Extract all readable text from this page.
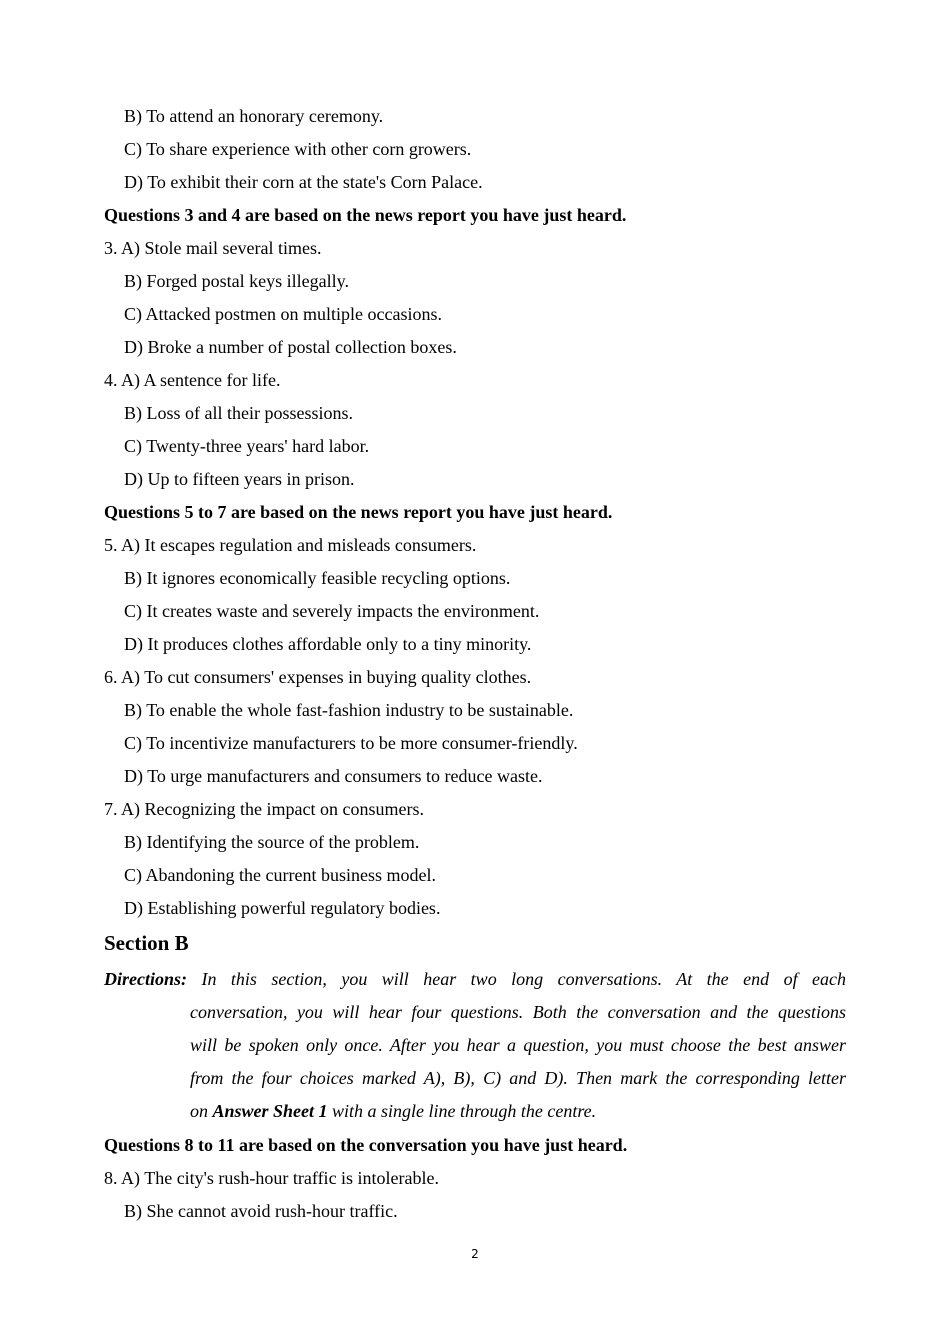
B) To attend an honorary ceremony.
C) To share experience with other corn growers.
D) To exhibit their corn at the state's Corn Palace.
Questions 3 and 4 are based on the news report you have just heard.
3. A) Stole mail several times.
B) Forged postal keys illegally.
C) Attacked postmen on multiple occasions.
D) Broke a number of postal collection boxes.
4. A) A sentence for life.
B) Loss of all their possessions.
C) Twenty-three years' hard labor.
D) Up to fifteen years in prison.
Questions 5 to 7 are based on the news report you have just heard.
5. A) It escapes regulation and misleads consumers.
B) It ignores economically feasible recycling options.
C) It creates waste and severely impacts the environment.
D) It produces clothes affordable only to a tiny minority.
6. A) To cut consumers' expenses in buying quality clothes.
B) To enable the whole fast-fashion industry to be sustainable.
C) To incentivize manufacturers to be more consumer-friendly.
D) To urge manufacturers and consumers to reduce waste.
7. A) Recognizing the impact on consumers.
B) Identifying the source of the problem.
C) Abandoning the current business model.
D) Establishing powerful regulatory bodies.
Section B
Directions: In this section, you will hear two long conversations. At the end of each
conversation, you will hear four questions. Both the conversation and the questions
will be spoken only once. After you hear a question, you must choose the best answer
from the four choices marked A), B), C) and D). Then mark the corresponding letter
on Answer Sheet 1 with a single line through the centre.
Questions 8 to 11 are based on the conversation you have just heard.
8. A) The city's rush-hour traffic is intolerable.
B) She cannot avoid rush-hour traffic.
2
